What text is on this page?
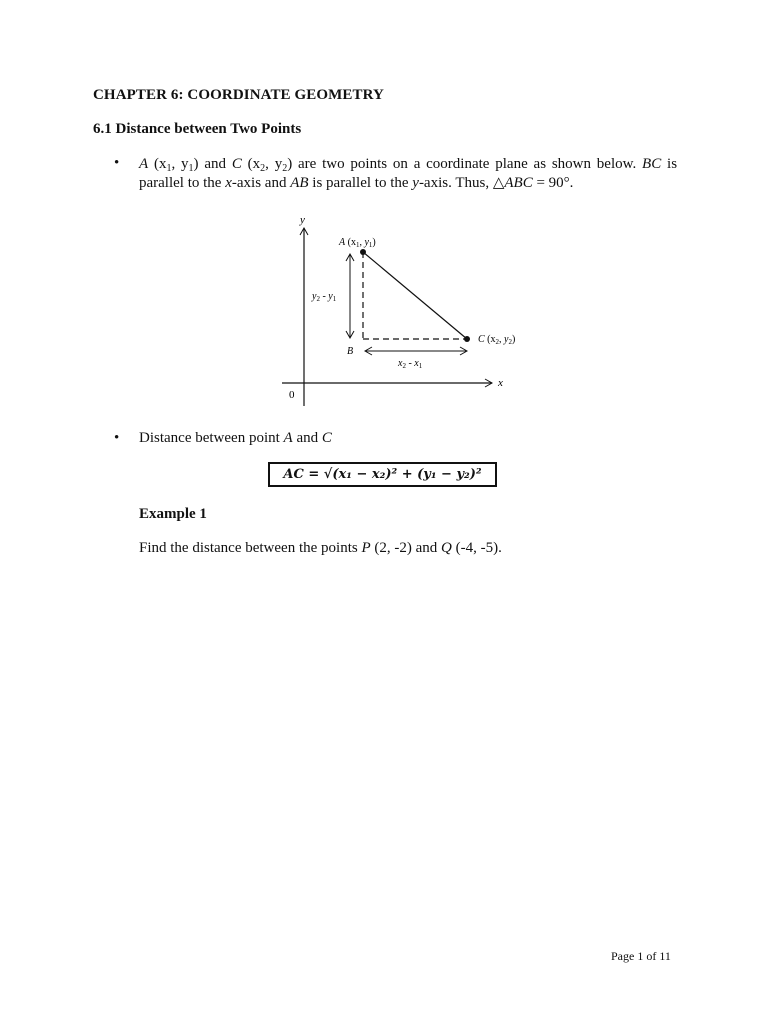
CHAPTER 6: COORDINATE GEOMETRY
6.1 Distance between Two Points
• A ($x_1$, $y_1$) and C ($x_2$, $y_2$) are two points on a coordinate plane as shown below. BC is parallel to the x-axis and AB is parallel to the y-axis. Thus, △ABC = 90°.
y
x
0
A ($x_1$, $y_1$)
C ($x_2$, $y_2$)
B
$y_2 - y_1$
$x_2 - x_1$
• Distance between point A and C
AC = √(x₁ − x₂)² + (y₁ − y₂)²
Example 1
Find the distance between the points P (2, -2) and Q (-4, -5).
Page 1 of 11
